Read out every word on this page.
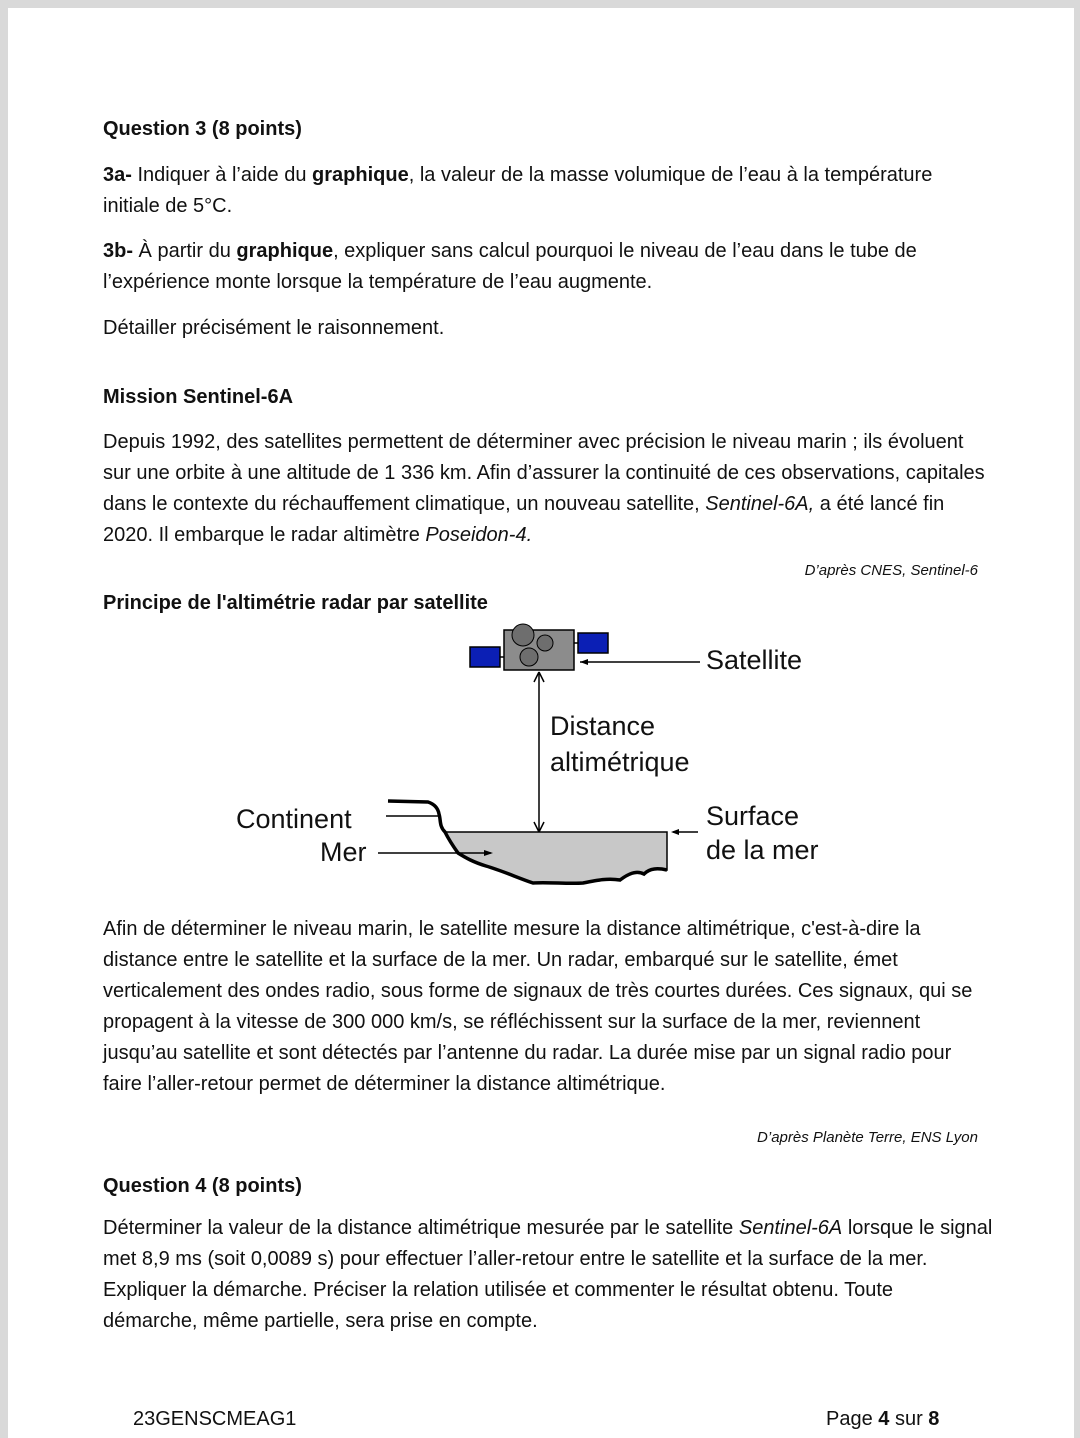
Question 3 (8 points)
3a- Indiquer à l’aide du graphique, la valeur de la masse volumique de l’eau à la température initiale de 5°C.
3b- À partir du graphique, expliquer sans calcul pourquoi le niveau de l’eau dans le tube de l’expérience monte lorsque la température de l’eau augmente.
Détailler précisément le raisonnement.
Mission Sentinel-6A
Depuis 1992, des satellites permettent de déterminer avec précision le niveau marin ; ils évoluent sur une orbite à une altitude de 1 336 km. Afin d’assurer la continuité de ces observations, capitales dans le contexte du réchauffement climatique, un nouveau satellite, Sentinel-6A, a été lancé fin 2020. Il embarque le radar altimètre Poseidon-4.
D’après CNES, Sentinel-6
Principe de l'altimétrie radar par satellite
Satellite
Distance
altimétrique
Continent
Mer
Surface
de la mer
Afin de déterminer le niveau marin, le satellite mesure la distance altimétrique, c'est-à-dire la distance entre le satellite et la surface de la mer. Un radar, embarqué sur le satellite, émet verticalement des ondes radio, sous forme de signaux de très courtes durées. Ces signaux, qui se propagent à la vitesse de 300 000 km/s, se réfléchissent sur la surface de la mer, reviennent jusqu’au satellite et sont détectés par l’antenne du radar. La durée mise par un signal radio pour faire l’aller-retour permet de déterminer la distance altimétrique.
D’après Planète Terre, ENS Lyon
Question 4 (8 points)
Déterminer la valeur de la distance altimétrique mesurée par le satellite Sentinel-6A lorsque le signal met 8,9 ms (soit 0,0089 s) pour effectuer l’aller-retour entre le satellite et la surface de la mer. Expliquer la démarche. Préciser la relation utilisée et commenter le résultat obtenu. Toute démarche, même partielle, sera prise en compte.
23GENSCMEAG1	Page 4 sur 8
